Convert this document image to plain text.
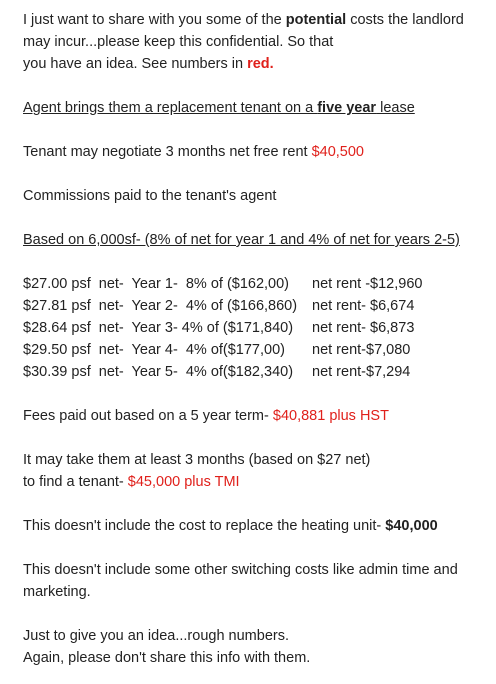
I just want to share with you some of the potential costs the landlord
may incur...please keep this confidential. So that
you have an idea. See numbers in red.
Agent brings them a replacement tenant on a five year lease
Tenant may negotiate 3 months net free rent $40,500
Commissions paid to the tenant's agent
Based on 6,000sf- (8% of net for year 1 and 4% of net for years 2-5)
$27.00 psf  net-  Year 1-  8% of ($162,00)	net rent -$12,960
$27.81 psf  net-  Year 2-  4% of ($166,860)	net rent- $6,674
$28.64 psf  net-  Year 3- 4% of ($171,840)	net rent- $6,873
$29.50 psf  net-  Year 4-  4% of($177,00)	net rent-$7,080
$30.39 psf  net-  Year 5-  4% of($182,340)	net rent-$7,294
Fees paid out based on a 5 year term- $40,881 plus HST
It may take them at least 3 months (based on $27 net)
to find a tenant- $45,000 plus TMI
This doesn't include the cost to replace the heating unit- $40,000
This doesn't include some other switching costs like admin time and
marketing.
Just to give you an idea...rough numbers.
Again, please don't share this info with them.
